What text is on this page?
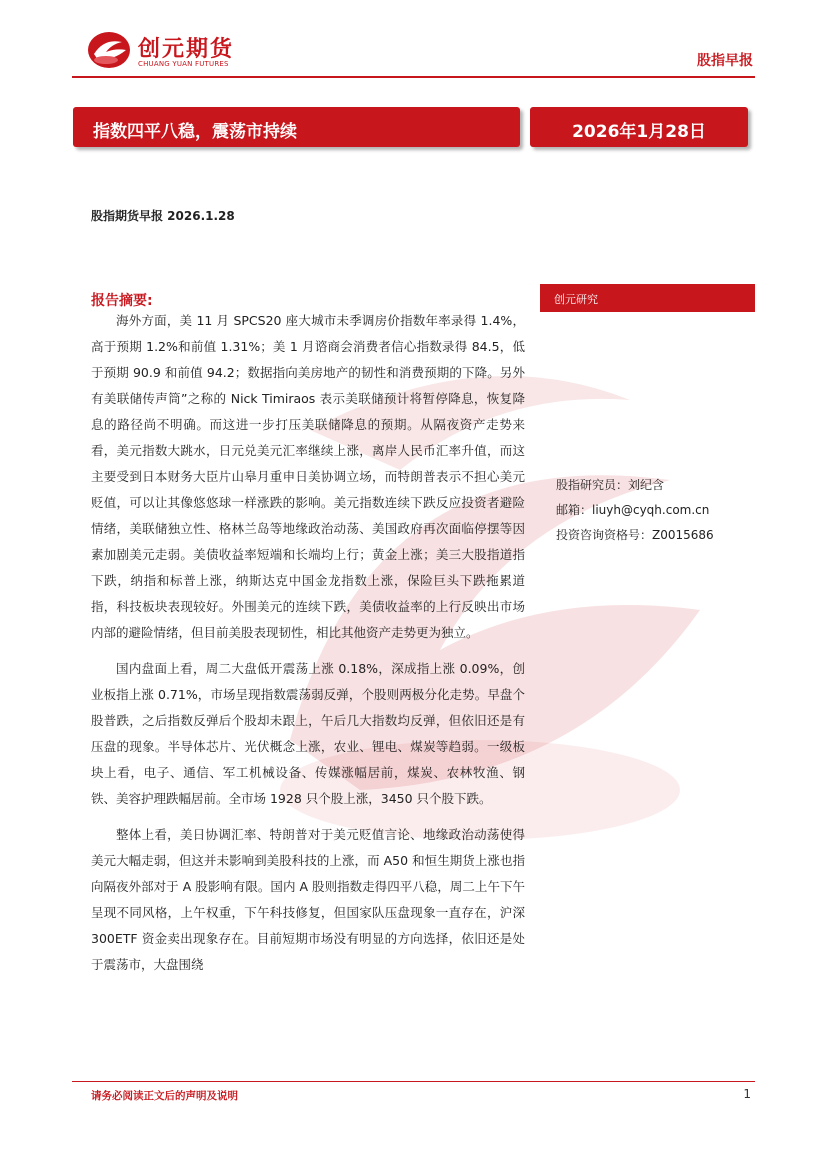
创元期货
CHUANG YUAN FUTURES	股指早报
指数四平八稳，震荡市持续	2026年1月28日
股指期货早报 2026.1.28
报告摘要:

海外方面，美 11 月 SPCS20 座大城市未季调房价指数年率录得 1.4%，高于预期 1.2%和前值 1.31%；美 1 月谘商会消费者信心指数录得 84.5，低于预期 90.9 和前值 94.2；数据指向美房地产的韧性和消费预期的下降。另外有美联储传声筒”之称的 Nick Timiraos 表示美联储预计将暂停降息，恢复降息的路径尚不明确。而这进一步打压美联储降息的预期。从隔夜资产走势来看，美元指数大跳水，日元兑美元汇率继续上涨，离岸人民币汇率升值，而这主要受到日本财务大臣片山皋月重申日美协调立场，而特朗普表示不担心美元贬值，可以让其像悠悠球一样涨跌的影响。美元指数连续下跌反应投资者避险情绪，美联储独立性、格林兰岛等地缘政治动荡、美国政府再次面临停摆等因素加剧美元走弱。美债收益率短端和长端均上行；黄金上涨；美三大股指道指下跌，纳指和标普上涨，纳斯达克中国金龙指数上涨，保险巨头下跌拖累道指，科技板块表现较好。外围美元的连续下跌，美债收益率的上行反映出市场内部的避险情绪，但目前美股表现韧性，相比其他资产走势更为独立。

国内盘面上看，周二大盘低开震荡上涨 0.18%，深成指上涨 0.09%，创业板指上涨 0.71%，市场呈现指数震荡弱反弹，个股则两极分化走势。早盘个股普跌，之后指数反弹后个股却未跟上，午后几大指数均反弹，但依旧还是有压盘的现象。半导体芯片、光伏概念上涨，农业、锂电、煤炭等趋弱。一级板块上看，电子、通信、军工机械设备、传媒涨幅居前，煤炭、农林牧渔、钢铁、美容护理跌幅居前。全市场 1928 只个股上涨，3450 只个股下跌。

整体上看，美日协调汇率、特朗普对于美元贬值言论、地缘政治动荡使得美元大幅走弱，但这并未影响到美股科技的上涨，而 A50 和恒生期货上涨也指向隔夜外部对于 A 股影响有限。国内 A 股则指数走得四平八稳，周二上午下午呈现不同风格，上午权重，下午科技修复，但国家队压盘现象一直存在，沪深 300ETF 资金卖出现象存在。目前短期市场没有明显的方向选择，依旧还是处于震荡市，大盘围绕

创元研究
股指研究员：刘纪含
邮箱：liuyh@cyqh.com.cn
投资咨询资格号：Z0015686
请务必阅读正文后的声明及说明	1
